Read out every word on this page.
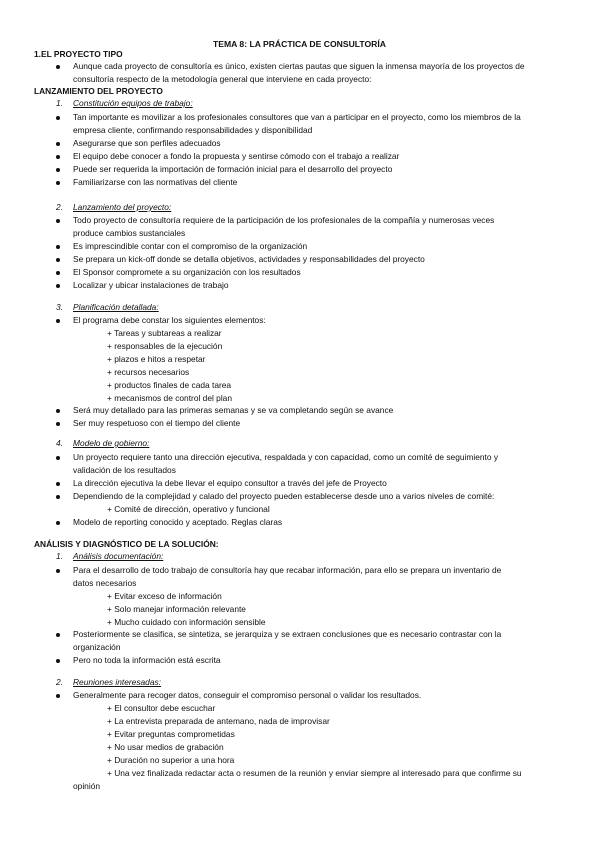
TEMA 8: LA PRÁCTICA DE CONSULTORÍA
1.EL PROYECTO TIPO
Aunque cada proyecto de consultoría es único, existen ciertas pautas que siguen la inmensa mayoría de los proyectos de
consultoría respecto de la metodología general que interviene en cada proyecto:
LANZAMIENTO DEL PROYECTO
1. Constitución equipos de trabajo:
Tan importante es movilizar a los profesionales consultores que van a participar en el proyecto, como los miembros de la
empresa cliente, confirmando responsabilidades y disponibilidad
Asegurarse que son perfiles adecuados
El equipo debe conocer a fondo la propuesta y sentirse cómodo con el trabajo a realizar
Puede ser requerida la importación de formación inicial para el desarrollo del proyecto
Familiarizarse con las normativas del cliente
2. Lanzamiento del proyecto:
Todo proyecto de consultoría requiere de la participación de los profesionales de la compañía y numerosas veces
produce cambios sustanciales
Es imprescindible contar con el compromiso de la organización
Se prepara un kick-off donde se detalla objetivos, actividades y responsabilidades del proyecto
El Sponsor compromete a su organización con los resultados
Localizar y ubicar instalaciones de trabajo
3. Planificación detallada:
El programa debe constar los siguientes elementos:
+ Tareas y subtareas a realizar
+ responsables de la ejecución
+ plazos e hitos a respetar
+ recursos necesarios
+ productos finales de cada tarea
+ mecanismos de control del plan
Será muy detallado para las primeras semanas y se va completando según se avance
Ser muy respetuoso con el tiempo del cliente
4. Modelo de gobierno:
Un proyecto requiere tanto una dirección ejecutiva, respaldada y con capacidad, como un comité de seguimiento y
validación de los resultados
La dirección ejecutiva la debe llevar el equipo consultor a través del jefe de Proyecto
Dependiendo de la complejidad y calado del proyecto pueden establecerse desde uno a varios niveles de comité:
+ Comité de dirección, operativo y funcional
Modelo de reporting conocido y aceptado. Reglas claras
ANÁLISIS Y DIAGNÓSTICO DE LA SOLUCIÓN:
1. Análisis documentación:
Para el desarrollo de todo trabajo de consultoría hay que recabar información, para ello se prepara un inventario de
datos necesarios
+ Evitar exceso de información
+ Solo manejar información relevante
+ Mucho cuidado con información sensible
Posteriormente se clasifica, se sintetiza, se jerarquiza y se extraen conclusiones que es necesario contrastar con la
organización
Pero no toda la información está escrita
2. Reuniones interesadas:
Generalmente para recoger datos, conseguir el compromiso personal o validar los resultados.
+ El consultor debe escuchar
+ La entrevista preparada de antemano, nada de improvisar
+ Evitar preguntas comprometidas
+ No usar medios de grabación
+ Duración no superior a una hora
+ Una vez finalizada redactar acta o resumen de la reunión y enviar siempre al interesado para que confirme su
opinión
